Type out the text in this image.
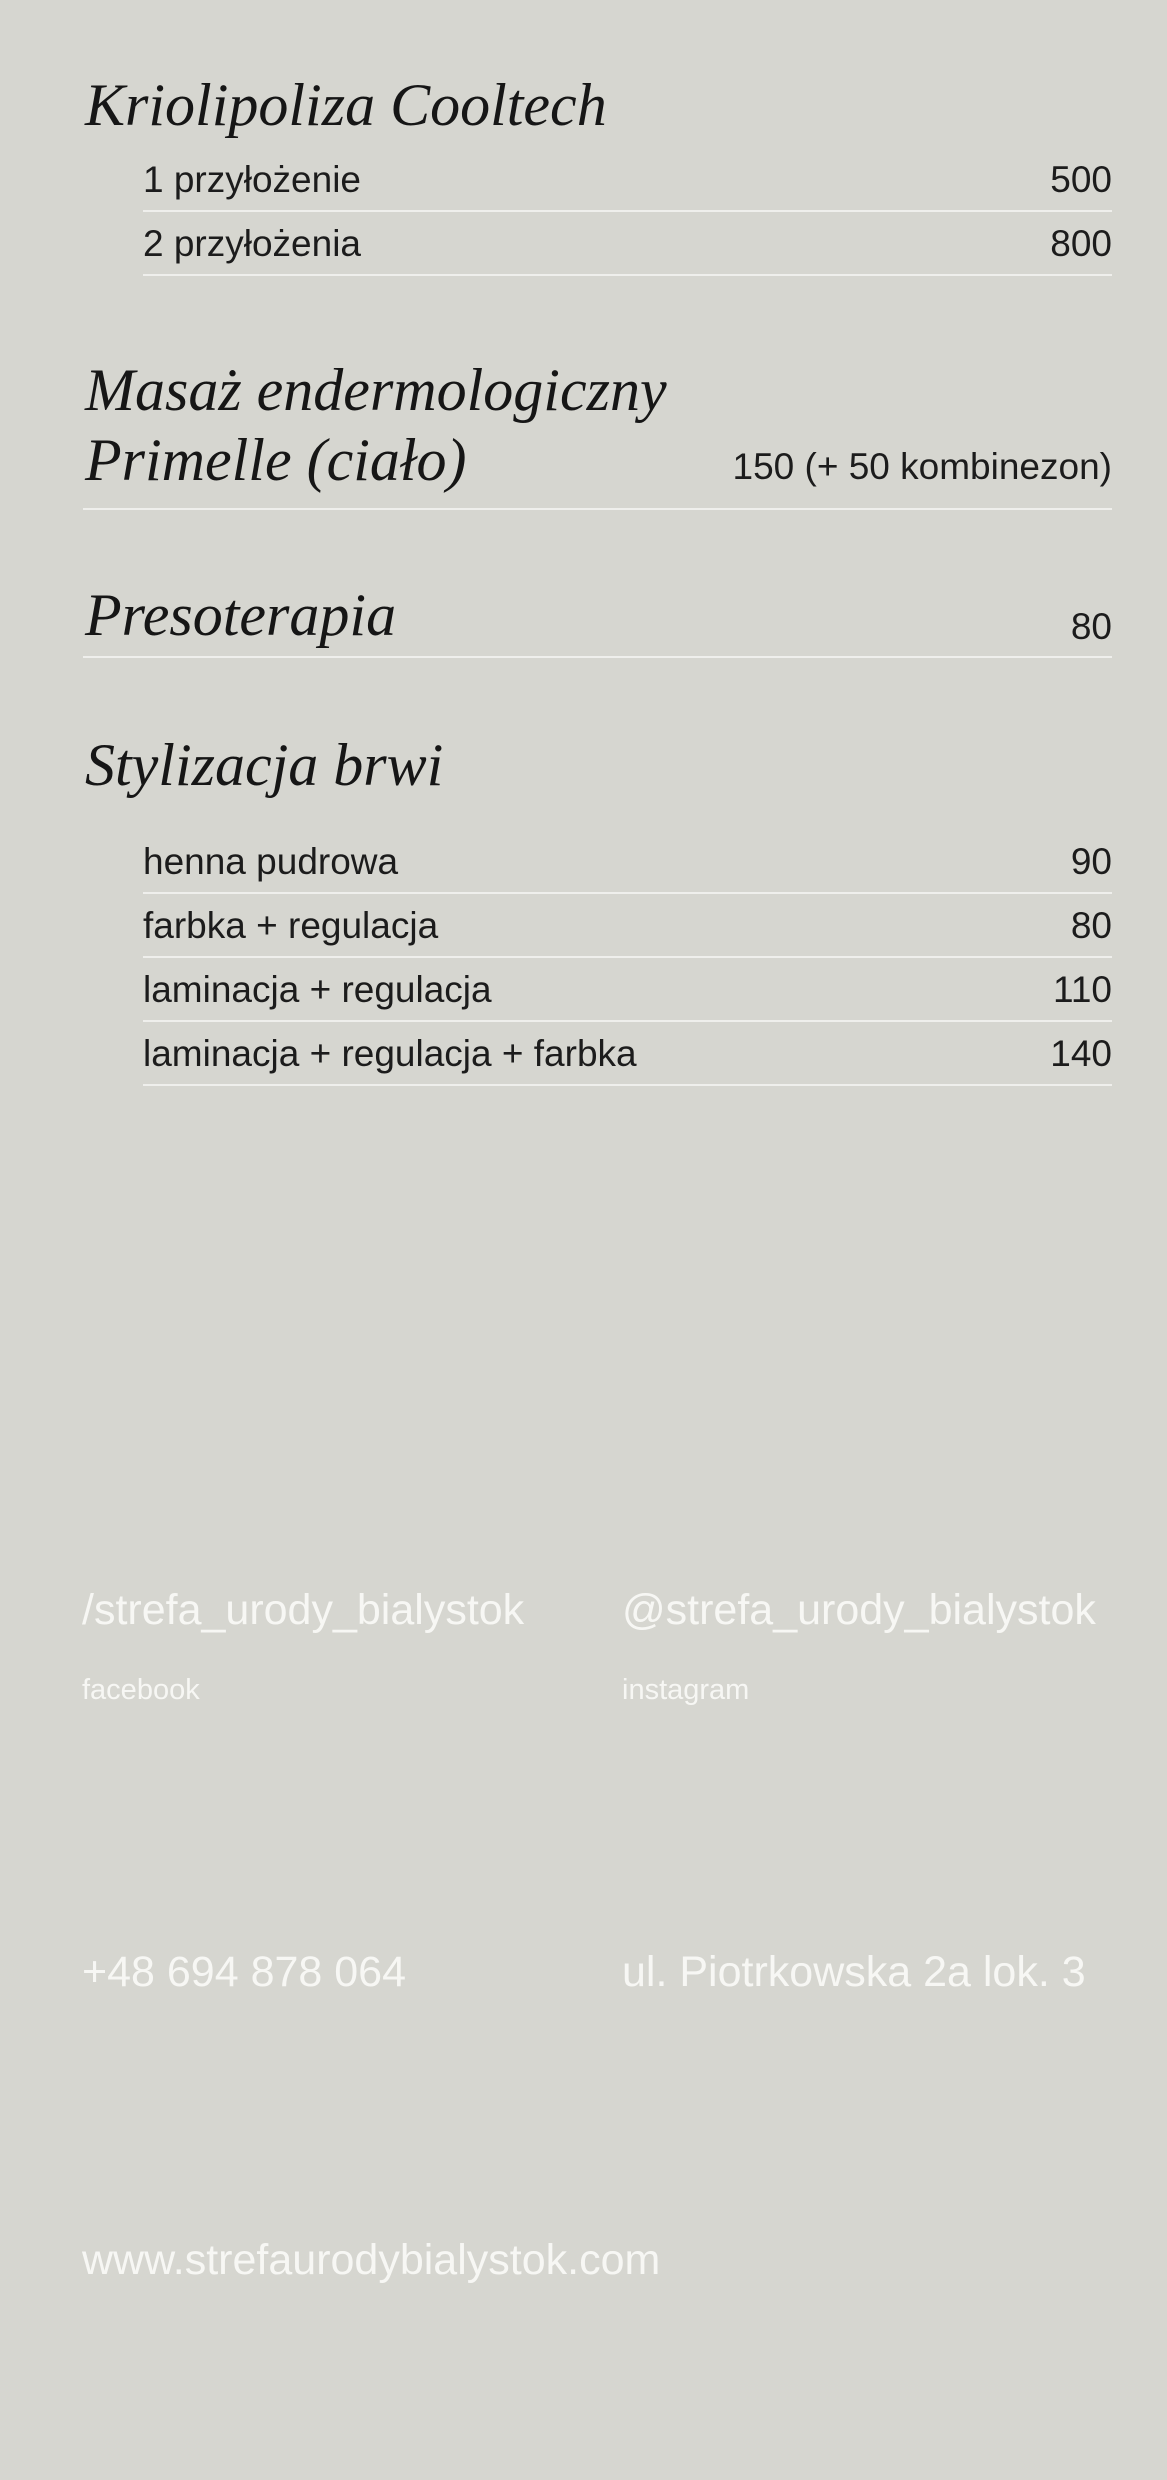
Kriolipoliza Cooltech
1 przyłożenie	500
2 przyłożenia	800
Masaż endermologiczny
Primelle (ciało)	150 (+ 50 kombinezon)
Presoterapia	80
Stylizacja brwi
henna pudrowa	90
farbka + regulacja	80
laminacja + regulacja	110
laminacja + regulacja + farbka	140
/strefa_urody_bialystok
facebook
@strefa_urody_bialystok
instagram
+48 694 878 064	ul. Piotrkowska 2a lok. 3
www.strefaurodybialystok.com
